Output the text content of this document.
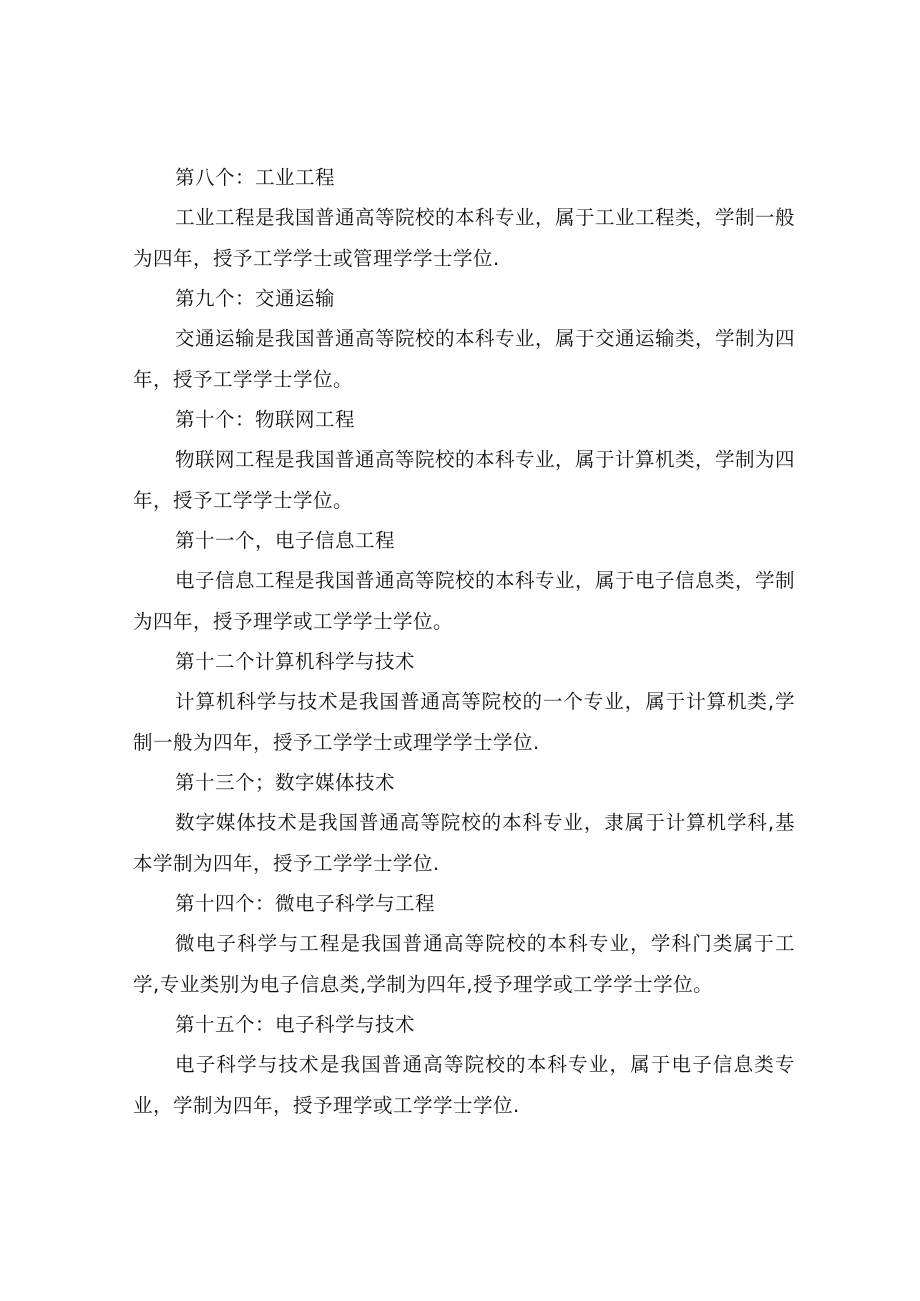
第八个：工业工程

工业工程是我国普通高等院校的本科专业，属于工业工程类，学制一般为四年，授予工学学士或管理学学士学位.

第九个：交通运输

交通运输是我国普通高等院校的本科专业，属于交通运输类，学制为四年，授予工学学士学位。

第十个：物联网工程

物联网工程是我国普通高等院校的本科专业，属于计算机类，学制为四年，授予工学学士学位。

第十一个，电子信息工程

电子信息工程是我国普通高等院校的本科专业，属于电子信息类，学制为四年，授予理学或工学学士学位。

第十二个计算机科学与技术

计算机科学与技术是我国普通高等院校的一个专业，属于计算机类,学制一般为四年，授予工学学士或理学学士学位.

第十三个；数字媒体技术

数字媒体技术是我国普通高等院校的本科专业，隶属于计算机学科,基本学制为四年，授予工学学士学位.

第十四个：微电子科学与工程

微电子科学与工程是我国普通高等院校的本科专业，学科门类属于工学,专业类别为电子信息类,学制为四年,授予理学或工学学士学位。

第十五个：电子科学与技术

电子科学与技术是我国普通高等院校的本科专业，属于电子信息类专业，学制为四年，授予理学或工学学士学位.
